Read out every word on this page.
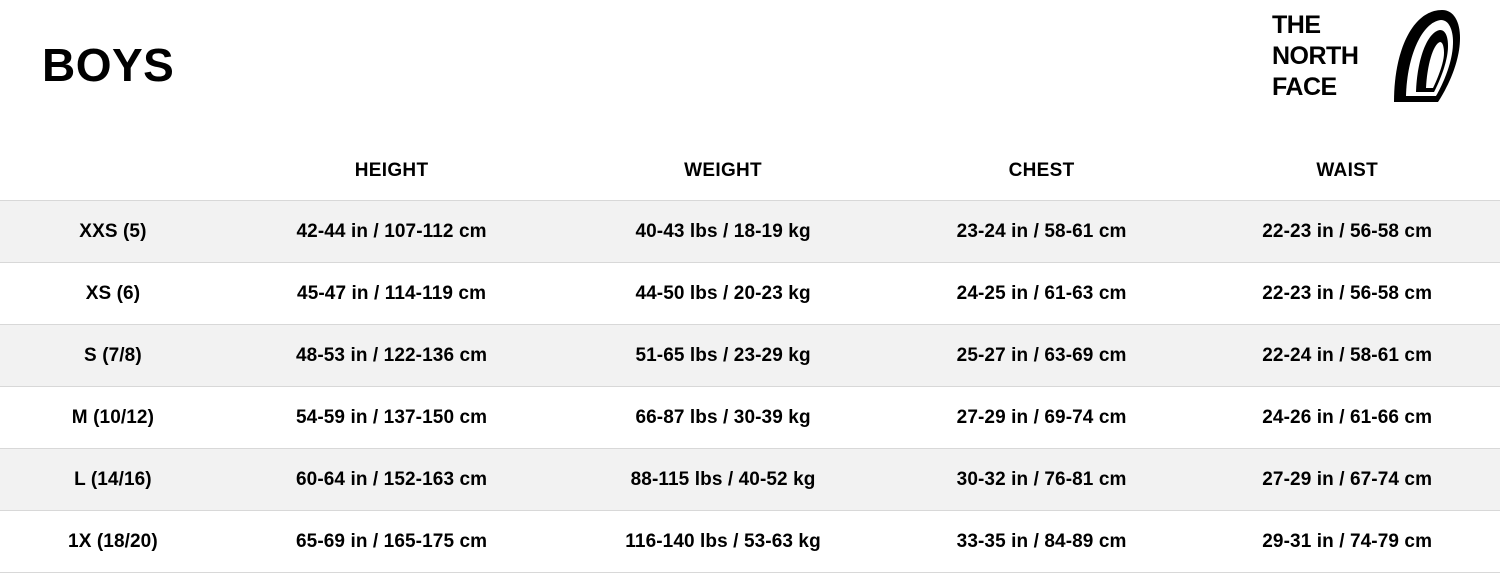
BOYS
THE
NORTH
FACE
	HEIGHT	WEIGHT	CHEST	WAIST
XXS (5)	42-44 in / 107-112 cm	40-43 lbs / 18-19 kg	23-24 in / 58-61 cm	22-23 in / 56-58 cm
XS (6)	45-47 in / 114-119 cm	44-50 lbs / 20-23 kg	24-25 in / 61-63 cm	22-23 in / 56-58 cm
S (7/8)	48-53 in / 122-136 cm	51-65 lbs / 23-29 kg	25-27 in / 63-69 cm	22-24 in / 58-61 cm
M (10/12)	54-59 in / 137-150 cm	66-87 lbs / 30-39 kg	27-29 in / 69-74 cm	24-26 in / 61-66 cm
L (14/16)	60-64 in / 152-163 cm	88-115 lbs / 40-52 kg	30-32 in / 76-81 cm	27-29 in / 67-74 cm
1X (18/20)	65-69 in / 165-175 cm	116-140 lbs / 53-63 kg	33-35 in / 84-89 cm	29-31 in / 74-79 cm
